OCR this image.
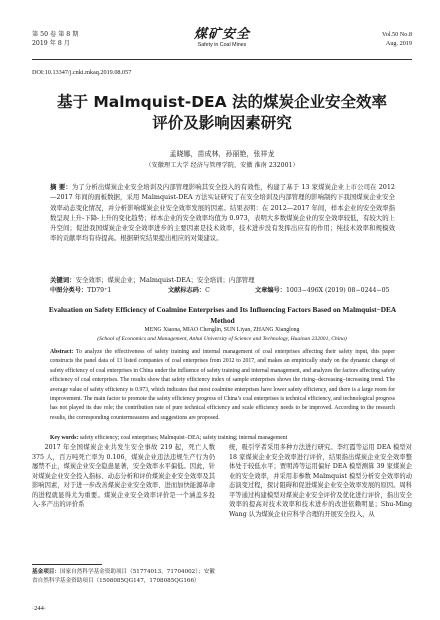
第 50 卷 第 8 期
2019 年 8 月
煤矿安全
Safety in Coal Mines
Vol.50 No.8
Aug. 2019
DOI:10.13347/j.cnki.mkaq.2019.08.057
基于 Malmquist-DEA 法的煤炭企业安全效率
评价及影响因素研究
孟晓娜，苗成林，孙丽艳，张祥龙
（安徽理工大学 经济与管理学院，安徽 淮南 232001）
摘 要：为了分析出煤炭企业安全培训及内部管理影响其安全投入的有效性，构建了基于 13 家煤炭企业上市公司在 2012—2017 年间的面板数据，采用 Malmquist-DEA 方法实证研究了在安全培训及内部管理的影响制约下我国煤炭企业安全效率动态变化情况，并分析影响煤炭企业安全效率发展的因素。结果表明：在 2012—2017 年间，样本企业的安全效率指数呈现上升-下降-上升的变化趋势；样本企业的安全效率均值为 0.973，表明大多数煤炭企业的安全效率较低，有较大的上升空间；促进我国煤炭企业安全效率进步的主要因素是技术效率，技术进步没有发挥出应有的作用；纯技术效率和规模效率的贡献率均有待提高。根据研究结果提出相应的对策建议。
关键词：安全效率；煤炭企业；Malmquist-DEA；安全培训；内部管理
中图分类号：TD79⁺1	文献标志码：C	文章编号：1003−496X (2019) 08−0244−05
Evaluation on Safety Efficiency of Coalmine Enterprises and Its Influencing Factors Based on Malmquist−DEA Method
MENG Xiaona, MIAO Chenglin, SUN Liyan, ZHANG Xianglong
(School of Economics and Management, Anhui University of Science and Technology, Huainan 232001, China)
Abstract: To analyze the effectiveness of safety training and internal management of coal enterprises affecting their safety input, this paper constructs the panel data of 13 listed companies of coal enterprises from 2012 to 2017, and makes an empirically study on the dynamic change of safety efficiency of coal enterprises in China under the influence of safety training and internal management, and analyzes the factors affecting safety efficiency of coal enterprises. The results show that safety efficiency index of sample enterprises shows the rising−decreasing−increasing trend. The average value of safety efficiency is 0.973, which indicates that most coalmine enterprises have lower safety efficiency, and there is a large room for improvement. The main factor to promote the safety efficiency progress of China’s coal enterprises is technical efficiency, and technological progress has not played its due role; the contribution rate of pure technical efficiency and scale efficiency needs to be improved. According to the research results, the corresponding countermeasures and suggestions are proposed.
Key words: safety efficiency; coal enterprises; Malmquist−DEA; safety training; internal management

2017 年全国煤炭企业共发生安全事故 219 起，死亡人数 375 人，百万吨死亡率为 0.106，煤炭企业违法违规生产行为仍屡禁不止，煤炭企业安全隐患显著，安全效率水平偏低。因此，针对煤炭企业安全投入指标、动态分析和评价煤炭企业安全效率及其影响因素，对于进一步改善煤炭企业安全效率、进而加快能源革命的进程就显得尤为重要。煤炭企业安全效率评价是一个涵盖多投入-多产出的评价系

统，吸引学者采用多种方法进行研究。李红霞等运用 DEA 模型对 18 家煤炭企业安全效率进行评价，结果指出煤炭企业安全效率整体处于较低水平；贾明涛等运用偏好 DEA 模型测算 39 家煤炭企业的安全效率，并采用非参数 Malmquist 模型分析安全效率的动态演变过程，探讨阻碍和促进煤炭企业安全效率发展的原因。周科平等通过构建模型对煤炭企业安全评价及优化进行评价，指出安全效率的提高对技术效率和技术进步的改进依赖明显；Shu-Ming Wang 认为煤炭企业应科学合理的开展安全投入，从

基金项目：国家自然科学基金资助项目（51774013，71704002）；安徽省自然科学基金资助项目（1508085QG147，1708085QG166）
·244·
